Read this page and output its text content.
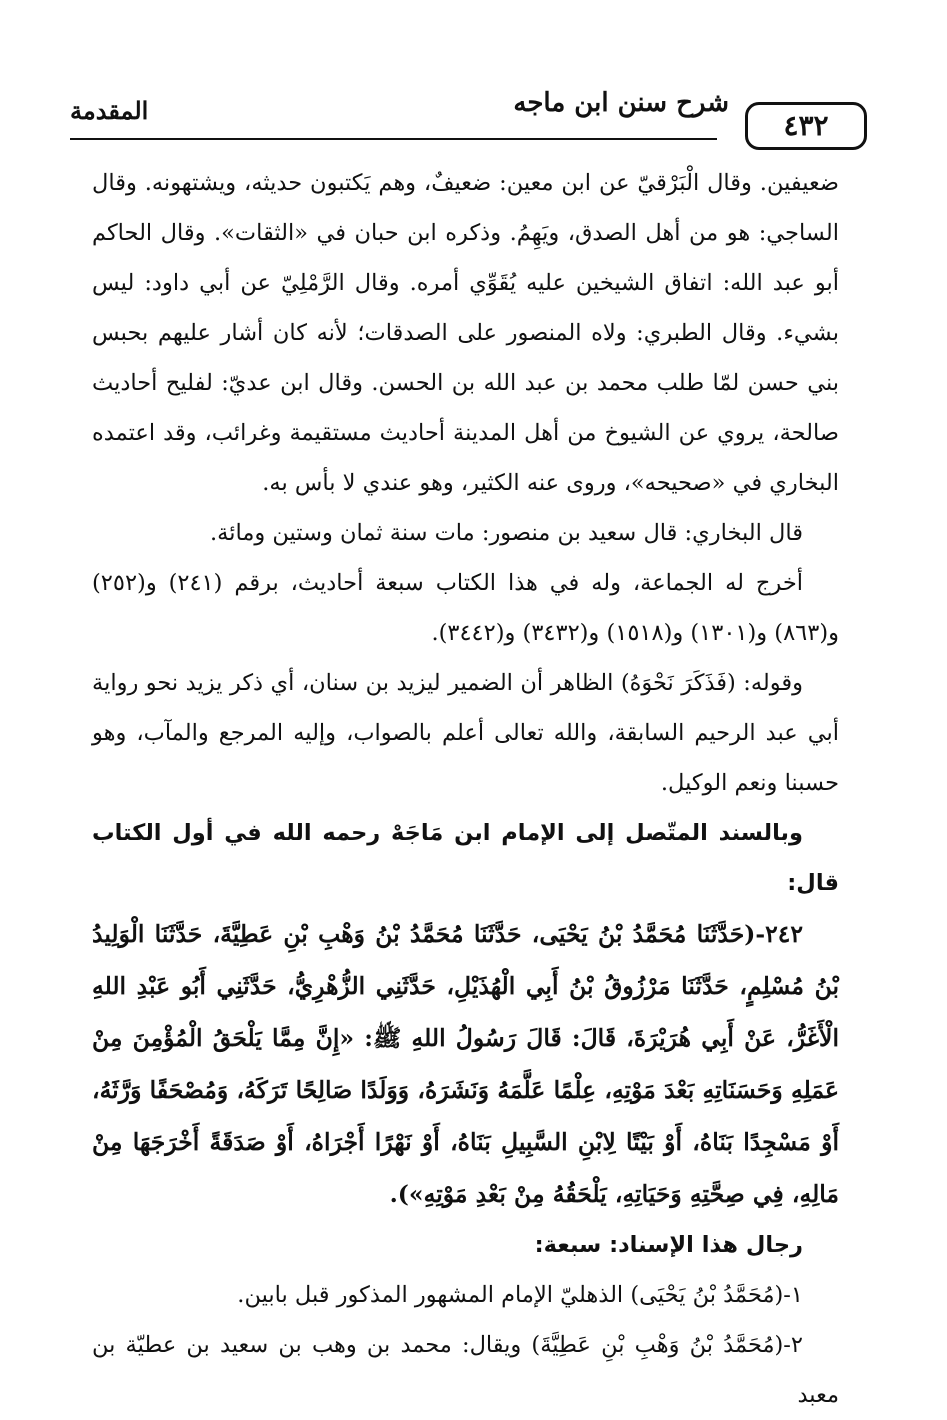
٤٣٢
شرح سنن ابن ماجه
المقدمة

ضعيفين. وقال الْبَرْقيّ عن ابن معين: ضعيفٌ، وهم يَكتبون حديثه، ويشتهونه. وقال الساجي: هو من أهل الصدق، ويَهِمُ. وذكره ابن حبان في «الثقات». وقال الحاكم أبو عبد الله: اتفاق الشيخين عليه يُقَوِّي أمره. وقال الرَّمْلِيّ عن أبي داود: ليس بشيء. وقال الطبري: ولاه المنصور على الصدقات؛ لأنه كان أشار عليهم بحبس بني حسن لمّا طلب محمد بن عبد الله بن الحسن. وقال ابن عديّ: لفليح أحاديث صالحة، يروي عن الشيوخ من أهل المدينة أحاديث مستقيمة وغرائب، وقد اعتمده البخاري في «صحيحه»، وروى عنه الكثير، وهو عندي لا بأس به.

قال البخاري: قال سعيد بن منصور: مات سنة ثمان وستين ومائة.

أخرج له الجماعة، وله في هذا الكتاب سبعة أحاديث، برقم (٢٤١) و(٢٥٢) و(٨٦٣) و(١٣٠١) و(١٥١٨) و(٣٤٣٢) و(٣٤٤٢).

وقوله: (فَذَكَرَ نَحْوَهُ) الظاهر أن الضمير ليزيد بن سنان، أي ذكر يزيد نحو رواية أبي عبد الرحيم السابقة، والله تعالى أعلم بالصواب، وإليه المرجع والمآب، وهو حسبنا ونعم الوكيل.

وبالسند المتّصل إلى الإمام ابن مَاجَهْ رحمه الله في أول الكتاب قال:

٢٤٢-(حَدَّثَنَا مُحَمَّدُ بْنُ يَحْيَى، حَدَّثَنَا مُحَمَّدُ بْنُ وَهْبِ بْنِ عَطِيَّةَ، حَدَّثَنَا الْوَلِيدُ بْنُ مُسْلِمٍ، حَدَّثَنَا مَرْزُوقُ بْنُ أَبِي الْهُذَيْلِ، حَدَّثَنِي الزُّهْرِيُّ، حَدَّثَنِي أَبُو عَبْدِ اللهِ الْأَغَرُّ، عَنْ أَبِي هُرَيْرَةَ، قَالَ: قَالَ رَسُولُ اللهِ ﷺ: «إِنَّ مِمَّا يَلْحَقُ الْمُؤْمِنَ مِنْ عَمَلِهِ وَحَسَنَاتِهِ بَعْدَ مَوْتِهِ، عِلْمًا عَلَّمَهُ وَنَشَرَهُ، وَوَلَدًا صَالِحًا تَرَكَهُ، وَمُصْحَفًا وَرَّثَهُ، أَوْ مَسْجِدًا بَنَاهُ، أَوْ بَيْتًا لِابْنِ السَّبِيلِ بَنَاهُ، أَوْ نَهْرًا أَجْرَاهُ، أَوْ صَدَقَةً أَخْرَجَهَا مِنْ مَالِهِ، فِي صِحَّتِهِ وَحَيَاتِهِ، يَلْحَقُهُ مِنْ بَعْدِ مَوْتِهِ»).

رجال هذا الإسناد: سبعة:

١-(مُحَمَّدُ بْنُ يَحْيَى) الذهليّ الإمام المشهور المذكور قبل بابين.

٢-(مُحَمَّدُ بْنُ وَهْبِ بْنِ عَطِيَّةَ) ويقال: محمد بن وهب بن سعيد بن عطيّة بن معبد
